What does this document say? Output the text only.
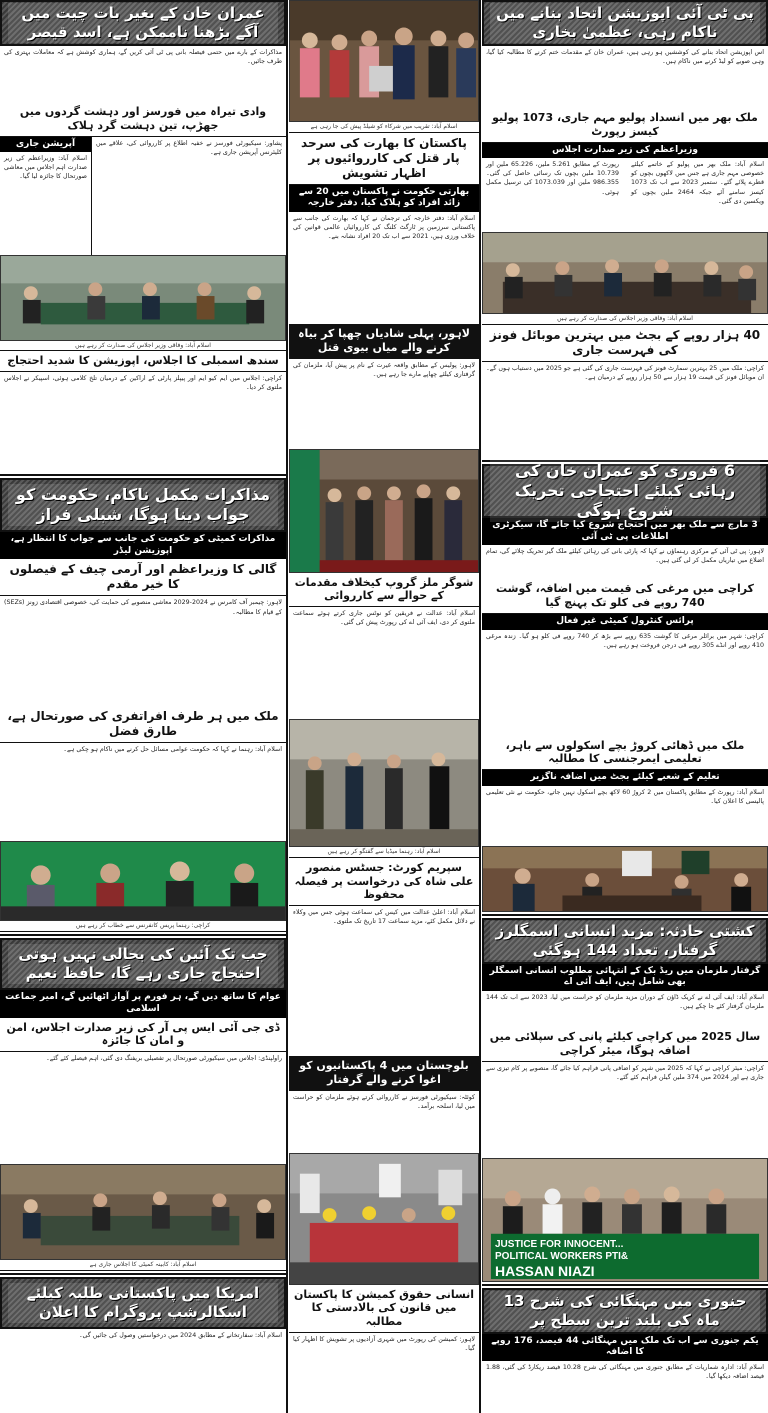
پی ٹی آئی اپوزیشن اتحاد بنانے میں ناکام رہی، عظمیٰ بخاری
اس اپوزیشن اتحاد بنانے کی کوششیں ہو رہی ہیں، عمران خان کے مقدمات ختم کرنے کا مطالبہ کیا گیا، وہی صوبے کو لیڈ کرنے میں ناکام ہیں۔
ملک بھر میں انسداد پولیو مہم جاری، 1073 پولیو کیسز رپورٹ
وزیراعظم کی زیر صدارت اجلاس
اسلام آباد: ملک بھر میں پولیو کے خاتمے کیلئے خصوصی مہم جاری ہے جس میں لاکھوں بچوں کو قطرے پلائے گئے۔ ستمبر 2023 سے اب تک 1073 کیسز سامنے آئے جبکہ 2464 ملین بچوں کو ویکسین دی گئی۔
رپورٹ کے مطابق 5.261 ملین، 65.226 ملین اور 10.739 ملین بچوں تک رسائی حاصل کی گئی۔ 986.355 ملین اور 1073.039 کی ترسیل مکمل ہوئی۔
اسلام آباد: وفاقی وزیر اجلاس کی صدارت کر رہے ہیں
40 ہزار روپے کے بجٹ میں بہترین موبائل فونز کی فہرست جاری
کراچی: ملک میں 25 بہترین سمارٹ فونز کی فہرست جاری کی گئی ہے جو 2025 میں دستیاب ہوں گے۔ ان موبائل فونز کی قیمت 19 ہزار سے 50 ہزار روپے کے درمیان ہے۔
6 فروری کو عمران خان کی رہائی کیلئے احتجاجی تحریک شروع ہوگی
3 مارچ سے ملک بھر میں احتجاج شروع کیا جائے گا، سیکرٹری اطلاعات پی ٹی آئی
لاہور: پی ٹی آئی کے مرکزی رہنماؤں نے کہا کہ پارٹی بانی کی رہائی کیلئے ملک گیر تحریک چلائے گی، تمام اضلاع میں تیاریاں مکمل کر لی گئی ہیں۔
کراچی میں مرغی کی قیمت میں اضافہ، گوشت 740 روپے فی کلو تک پہنچ گیا
پرائس کنٹرول کمیٹی غیر فعال
کراچی: شہر میں برائلر مرغی کا گوشت 635 روپے سے بڑھ کر 740 روپے فی کلو ہو گیا۔ زندہ مرغی 410 روپے اور انڈے 305 روپے فی درجن فروخت ہو رہے ہیں۔
ملک میں ڈھائی کروڑ بچے اسکولوں سے باہر، تعلیمی ایمرجنسی کا مطالبہ
تعلیم کے شعبے کیلئے بجٹ میں اضافہ ناگزیر
اسلام آباد: رپورٹ کے مطابق پاکستان میں 2 کروڑ 60 لاکھ بچے اسکول نہیں جاتے، حکومت نے نئی تعلیمی پالیسی کا اعلان کیا۔
کشتی حادثہ: مزید انسانی اسمگلرز گرفتار، تعداد 144 ہوگئی
گرفتار ملزمان میں ریڈ بک کے انتہائی مطلوب انسانی اسمگلر بھی شامل ہیں، ایف آئی اے
اسلام آباد: ایف آئی اے نے کریک ڈاؤن کے دوران مزید ملزمان کو حراست میں لیا، 2023 سے اب تک 144 ملزمان گرفتار کئے جا چکے ہیں۔
سال 2025 میں کراچی کیلئے پانی کی سپلائی میں اضافہ ہوگا، میئر کراچی
کراچی: میئر کراچی نے کہا کہ 2025 میں شہر کو اضافی پانی فراہم کیا جائے گا، منصوبے پر کام تیزی سے جاری ہے اور 2024 میں 374 ملین گیلن فراہم کئے گئے۔
JUSTICE FOR INNOCENT...
POLITICAL WORKERS PTI&
HASSAN NIAZI
جنوری میں مہنگائی کی شرح 13 ماہ کی بلند ترین سطح پر
یکم جنوری سے اب تک ملک میں مہنگائی 44 فیصد، 176 روپے کا اضافہ
اسلام آباد: ادارہ شماریات کے مطابق جنوری میں مہنگائی کی شرح 10.28 فیصد ریکارڈ کی گئی، 1.88 فیصد اضافہ دیکھا گیا۔
اسلام آباد: تقریب میں شرکاء کو شیلڈ پیش کی جا رہی ہے
پاکستان کا بھارت کی سرحد پار قتل کی کارروائیوں پر اظہار تشویش
بھارتی حکومت نے پاکستان میں 20 سے زائد افراد کو ہلاک کیا، دفتر خارجہ
اسلام آباد: دفتر خارجہ کی ترجمان نے کہا کہ بھارت کی جانب سے پاکستانی سرزمین پر ٹارگٹ کلنگ کی کارروائیاں عالمی قوانین کی خلاف ورزی ہیں، 2021 سے اب تک 20 افراد نشانہ بنے۔
لاہور، پہلی شادیاں چھپا کر بیاہ کرنے والے میاں بیوی قتل
لاہور: پولیس کے مطابق واقعہ غیرت کے نام پر پیش آیا، ملزمان کی گرفتاری کیلئے چھاپے مارے جا رہے ہیں۔
شوگر ملز گروپ کیخلاف مقدمات کے حوالے سے کارروائی
اسلام آباد: عدالت نے فریقین کو نوٹس جاری کرتے ہوئے سماعت ملتوی کر دی، ایف آئی اے کی رپورٹ پیش کی گئی۔
اسلام آباد: رہنما میڈیا سے گفتگو کر رہے ہیں
سپریم کورٹ: جسٹس منصور علی شاہ کی درخواست پر فیصلہ محفوظ
اسلام آباد: اعلیٰ عدالت میں کیس کی سماعت ہوئی جس میں وکلاء نے دلائل مکمل کئے، مزید سماعت 17 تاریخ تک ملتوی۔
بلوچستان میں 4 پاکستانیوں کو اغوا کرنے والے گرفتار
کوئٹہ: سیکیورٹی فورسز نے کارروائی کرتے ہوئے ملزمان کو حراست میں لیا، اسلحہ برآمد۔
انسانی حقوق کمیشن کا پاکستان میں قانون کی بالادستی کا مطالبہ
لاہور: کمیشن کی رپورٹ میں شہری آزادیوں پر تشویش کا اظہار کیا گیا۔
عمران خان کے بغیر بات چیت میں آگے بڑھنا ناممکن ہے، اسد قیصر
مذاکرات کے بارے میں حتمی فیصلہ بانی پی ٹی آئی کریں گے، ہماری کوشش ہے کہ معاملات بہتری کی طرف جائیں۔
وادی تیراہ میں فورسز اور دہشت گردوں میں جھڑپ، تین دہشت گرد ہلاک
آپریشن جاری
اسلام آباد: وزیراعظم کی زیر صدارت اہم اجلاس میں معاشی صورتحال کا جائزہ لیا گیا۔
پشاور: سیکیورٹی فورسز نے خفیہ اطلاع پر کارروائی کی، علاقے میں کلیئرنس آپریشن جاری ہے۔
اسلام آباد: وفاقی وزیر اجلاس کی صدارت کر رہے ہیں
سندھ اسمبلی کا اجلاس، اپوزیشن کا شدید احتجاج
کراچی: اجلاس میں ایم کیو ایم اور پیپلز پارٹی کے اراکین کے درمیان تلخ کلامی ہوئی، اسپیکر نے اجلاس ملتوی کر دیا۔
مذاکرات مکمل ناکام، حکومت کو جواب دینا ہوگا، شبلی فراز
مذاکرات کمیٹی کو حکومت کی جانب سے جواب کا انتظار ہے، اپوزیشن لیڈر
گالی کا وزیراعظم اور آرمی چیف کے فیصلوں کا خیر مقدم
لاہور: چیمبر آف کامرس نے 2024-2029 معاشی منصوبے کی حمایت کی، خصوصی اقتصادی زونز (SEZs) کے قیام کا مطالبہ۔
ملک میں ہر طرف افراتفری کی صورتحال ہے، طارق فضل
اسلام آباد: رہنما نے کہا کہ حکومت عوامی مسائل حل کرنے میں ناکام ہو چکی ہے۔
کراچی: رہنما پریس کانفرنس سے خطاب کر رہے ہیں
جب تک آئین کی بحالی نہیں ہوتی احتجاج جاری رہے گا، حافظ نعیم
عوام کا ساتھ دیں گے، ہر فورم پر آواز اٹھائیں گے، امیر جماعت اسلامی
ڈی جی آئی ایس پی آر کی زیر صدارت اجلاس، امن و امان کا جائزہ
راولپنڈی: اجلاس میں سیکیورٹی صورتحال پر تفصیلی بریفنگ دی گئی، اہم فیصلے کئے گئے۔
اسلام آباد: کابینہ کمیٹی کا اجلاس جاری ہے
امریکا میں پاکستانی طلبہ کیلئے اسکالرشپ پروگرام کا اعلان
اسلام آباد: سفارتخانے کے مطابق 2024 میں درخواستیں وصول کی جائیں گی۔
